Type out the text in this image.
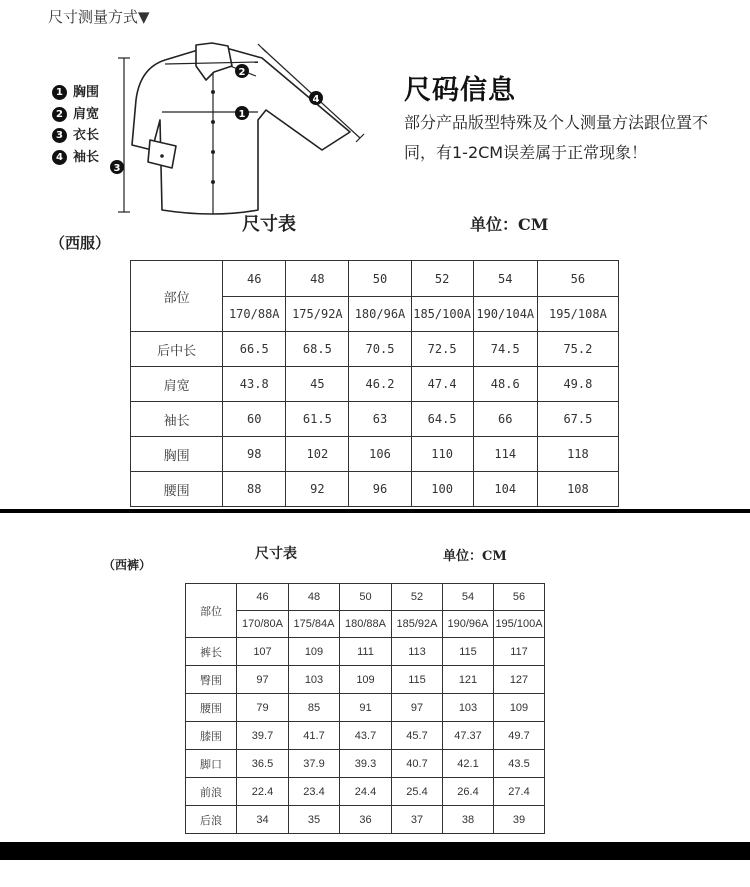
尺寸测量方式▼
1
2
3
4
1 胸围
2 肩宽
3 衣长
4 袖长
尺码信息
部分产品版型特殊及个人测量方法跟位置不同，有1-2CM误差属于正常现象！
尺寸表	单位：CM
（西服）
部位	46	48	50	52	54	56
	170/88A	175/92A	180/96A	185/100A	190/104A	195/108A
后中长	66.5	68.5	70.5	72.5	74.5	75.2
肩宽	43.8	45	46.2	47.4	48.6	49.8
袖长	60	61.5	63	64.5	66	67.5
胸围	98	102	106	110	114	118
腰围	88	92	96	100	104	108
尺寸表	单位：CM
（西裤）
部位	46	48	50	52	54	56
	170/80A	175/84A	180/88A	185/92A	190/96A	195/100A
裤长	107	109	111	113	115	117
臀围	97	103	109	115	121	127
腰围	79	85	91	97	103	109
膝围	39.7	41.7	43.7	45.7	47.37	49.7
脚口	36.5	37.9	39.3	40.7	42.1	43.5
前浪	22.4	23.4	24.4	25.4	26.4	27.4
后浪	34	35	36	37	38	39
